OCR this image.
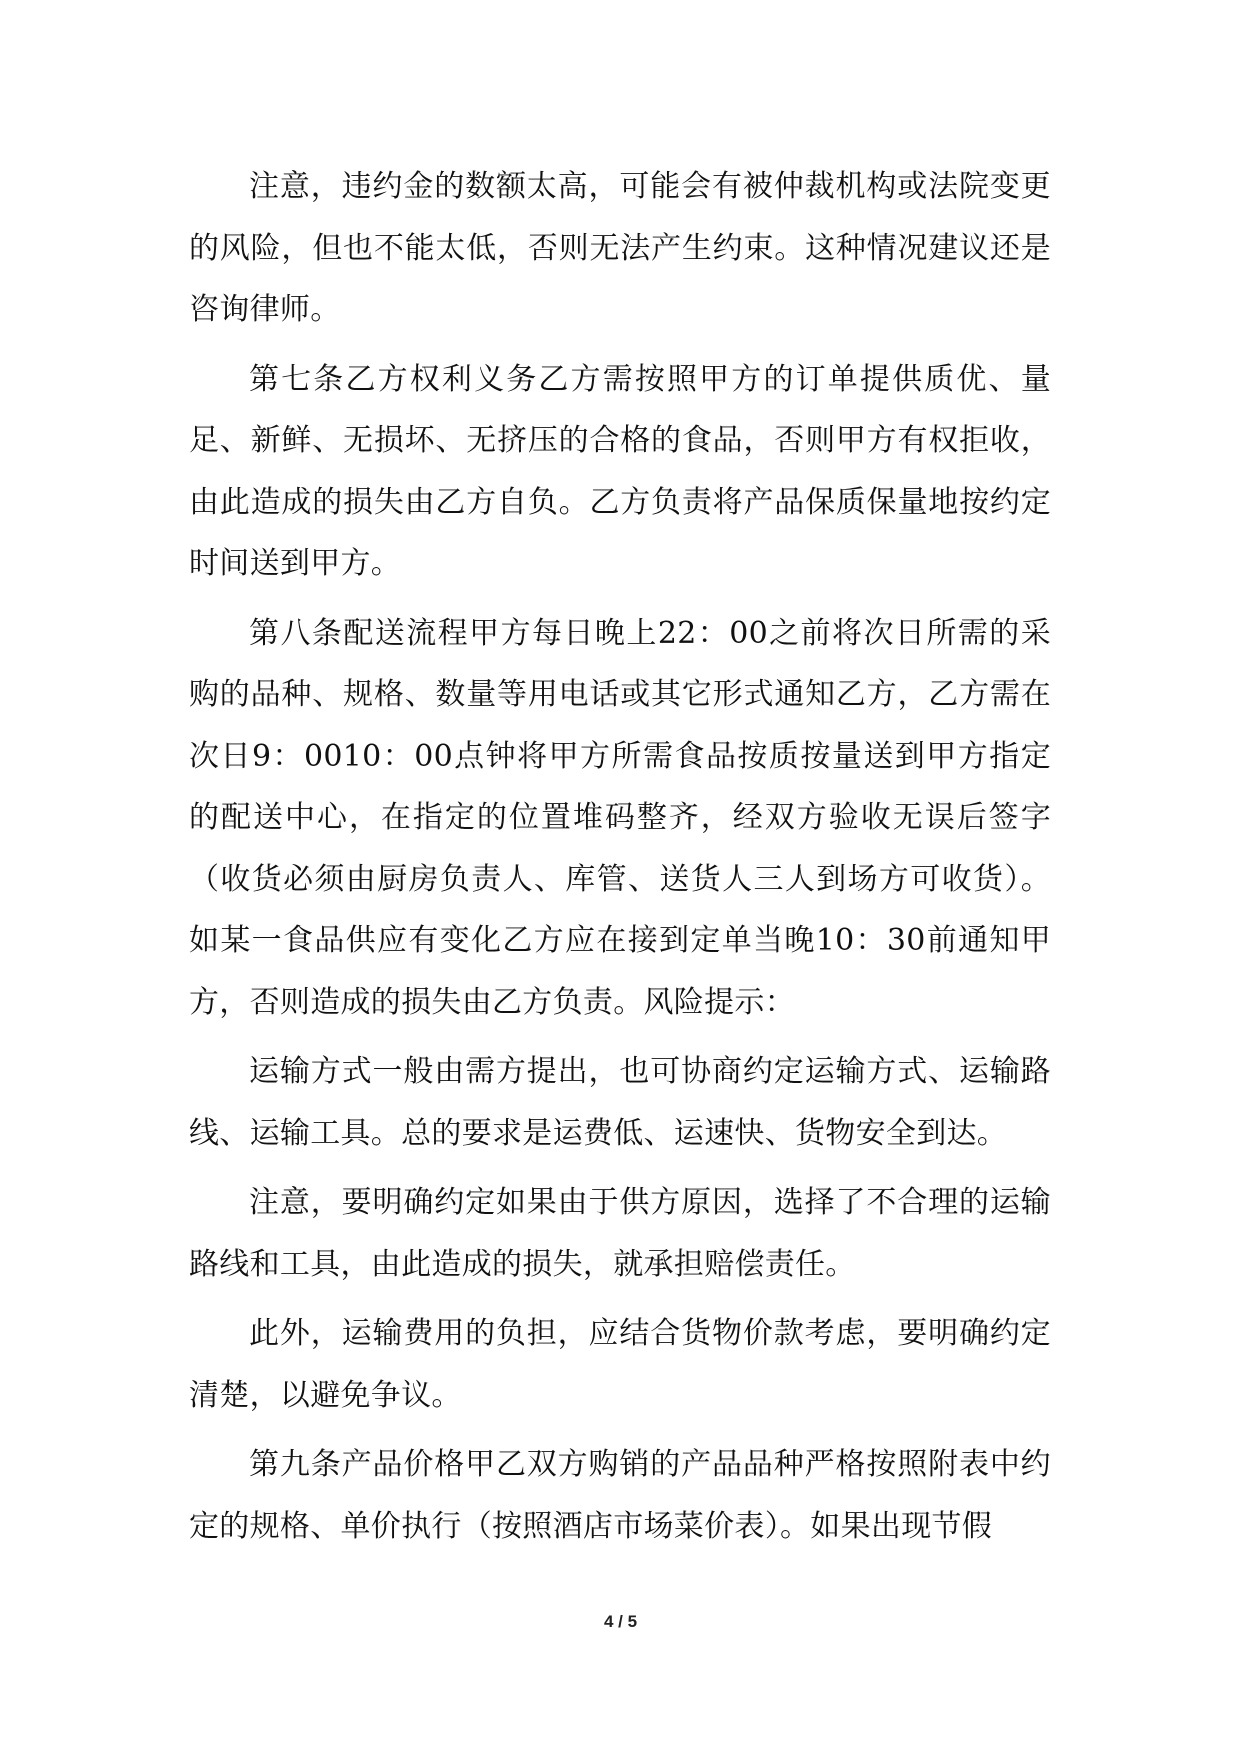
注意，违约金的数额太高，可能会有被仲裁机构或法院变更的风险，但也不能太低，否则无法产生约束。这种情况建议还是咨询律师。

第七条乙方权利义务乙方需按照甲方的订单提供质优、量足、新鲜、无损坏、无挤压的合格的食品，否则甲方有权拒收，由此造成的损失由乙方自负。乙方负责将产品保质保量地按约定时间送到甲方。

第八条配送流程甲方每日晚上22：00之前将次日所需的采购的品种、规格、数量等用电话或其它形式通知乙方，乙方需在次日9：0010：00点钟将甲方所需食品按质按量送到甲方指定的配送中心，在指定的位置堆码整齐，经双方验收无误后签字（收货必须由厨房负责人、库管、送货人三人到场方可收货）。如某一食品供应有变化乙方应在接到定单当晚10：30前通知甲方，否则造成的损失由乙方负责。风险提示：

运输方式一般由需方提出，也可协商约定运输方式、运输路线、运输工具。总的要求是运费低、运速快、货物安全到达。

注意，要明确约定如果由于供方原因，选择了不合理的运输路线和工具，由此造成的损失，就承担赔偿责任。

此外，运输费用的负担，应结合货物价款考虑，要明确约定清楚，以避免争议。

第九条产品价格甲乙双方购销的产品品种严格按照附表中约定的规格、单价执行（按照酒店市场菜价表）。如果出现节假

4 / 5
